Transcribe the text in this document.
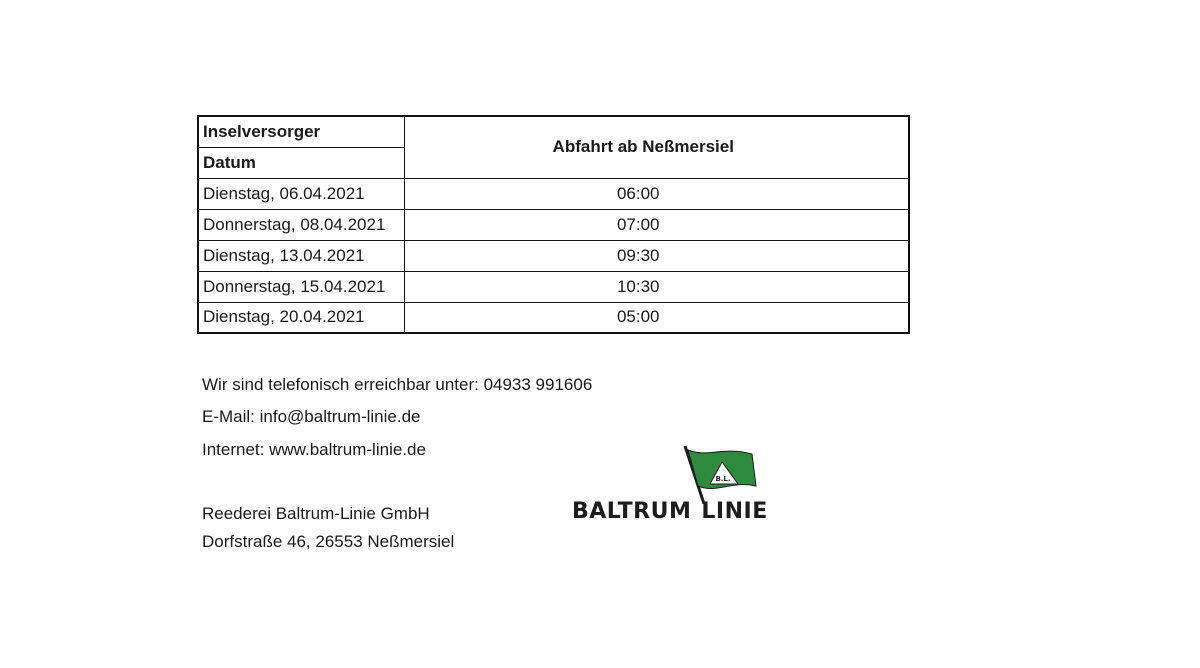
Inselversorger	Abfahrt ab Neßmersiel
Datum	
Dienstag, 06.04.2021	06:00
Donnerstag, 08.04.2021	07:00
Dienstag, 13.04.2021	09:30
Donnerstag, 15.04.2021	10:30
Dienstag, 20.04.2021	05:00
Wir sind telefonisch erreichbar unter: 04933 991606
E-Mail: info@baltrum-linie.de
Internet: www.baltrum-linie.de
Reederei Baltrum-Linie GmbH
Dorfstraße 46, 26553 Neßmersiel
B.L.
BALTRUM LINIE
